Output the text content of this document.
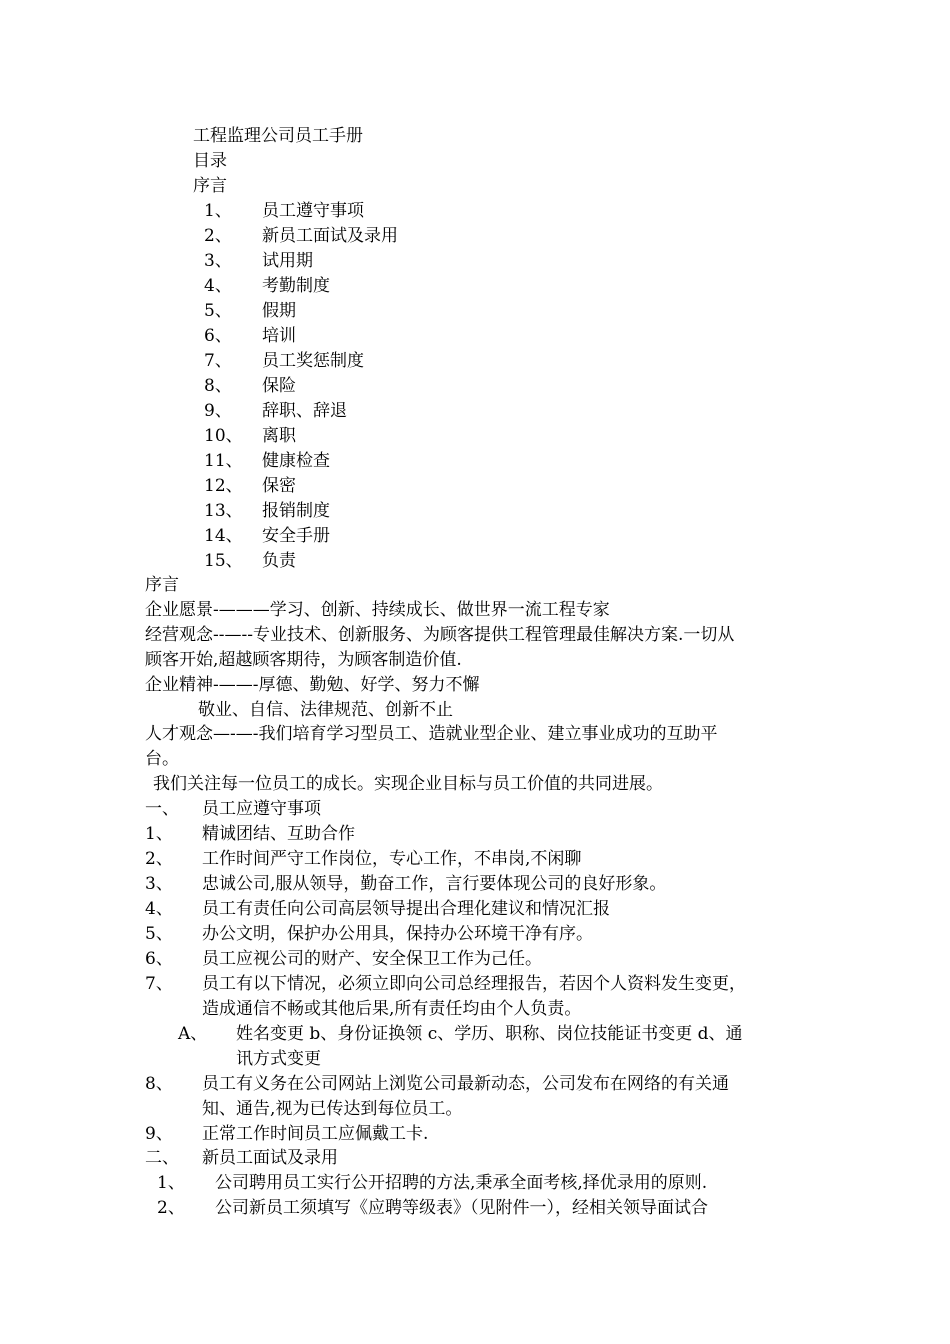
工程监理公司员工手册
目录
序言
1、 员工遵守事项
2、 新员工面试及录用
3、 试用期
4、 考勤制度
5、 假期
6、 培训
7、 员工奖惩制度
8、 保险
9、 辞职、辞退
10、 离职
11、 健康检查
12、 保密
13、 报销制度
14、 安全手册
15、 负责
序言
企业愿景-———学习、创新、持续成长、做世界一流工程专家
经营观念--—--专业技术、创新服务、为顾客提供工程管理最佳解决方案.一切从
顾客开始,超越顾客期待，为顾客制造价值.
企业精神-——-厚德、勤勉、好学、努力不懈
敬业、自信、法律规范、创新不止
人才观念—-—-我们培育学习型员工、造就业型企业、建立事业成功的互助平
台。
我们关注每一位员工的成长。实现企业目标与员工价值的共同进展。
一、 员工应遵守事项
1、 精诚团结、互助合作
2、 工作时间严守工作岗位，专心工作，不串岗,不闲聊
3、 忠诚公司,服从领导，勤奋工作，言行要体现公司的良好形象。
4、 员工有责任向公司高层领导提出合理化建议和情况汇报
5、 办公文明，保护办公用具，保持办公环境干净有序。
6、 员工应视公司的财产、安全保卫工作为己任。
7、 员工有以下情况，必须立即向公司总经理报告，若因个人资料发生变更，
造成通信不畅或其他后果,所有责任均由个人负责。
A、 姓名变更 b、身份证换领 c、学历、职称、岗位技能证书变更 d、通
讯方式变更
8、 员工有义务在公司网站上浏览公司最新动态，公司发布在网络的有关通
知、通告,视为已传达到每位员工。
9、 正常工作时间员工应佩戴工卡.
二、 新员工面试及录用
1、 公司聘用员工实行公开招聘的方法,秉承全面考核,择优录用的原则.
2、 公司新员工须填写《应聘等级表》（见附件一），经相关领导面试合
